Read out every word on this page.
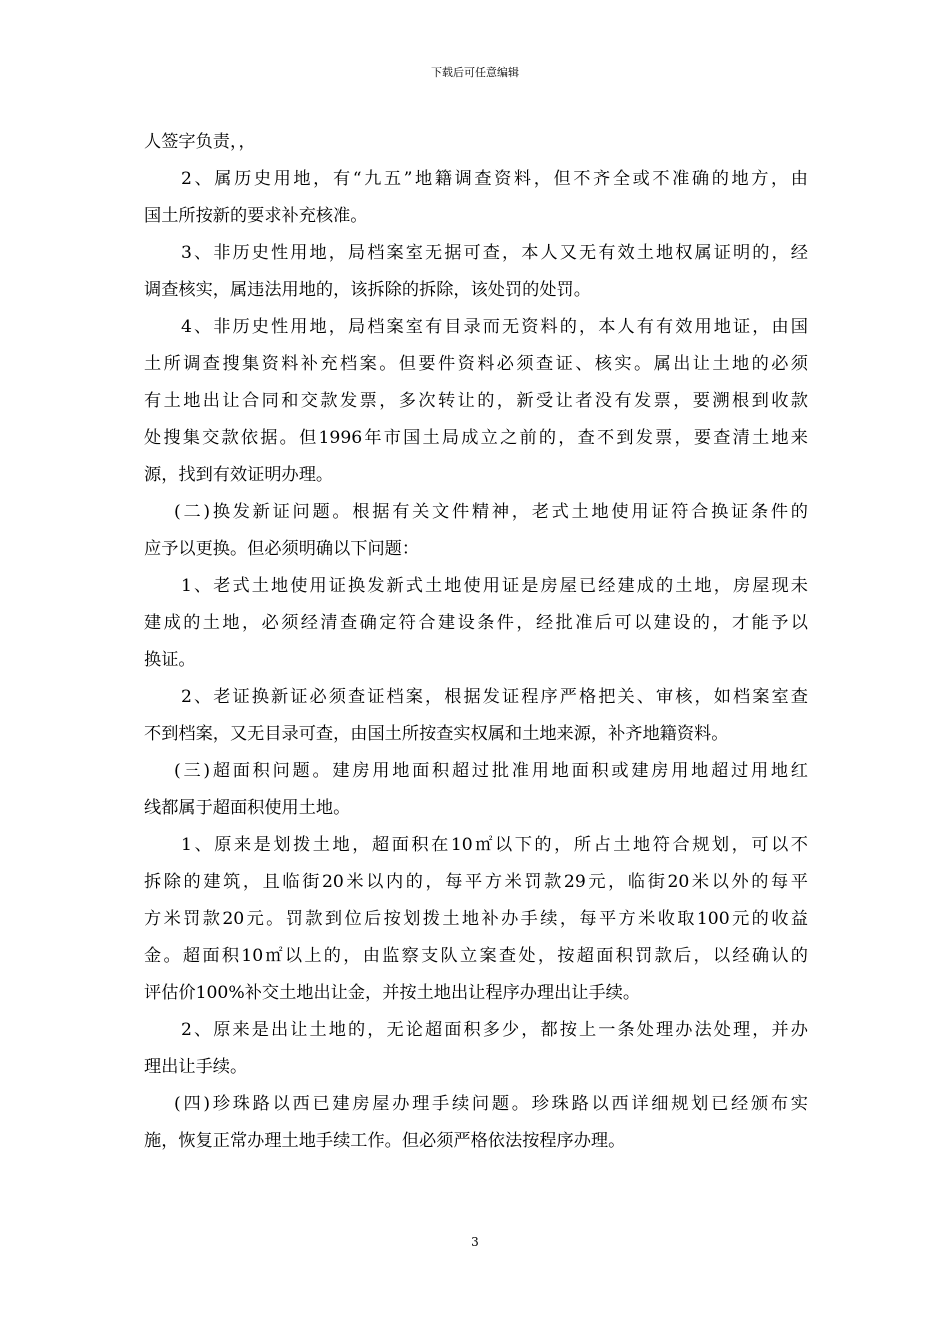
下载后可任意编辑
人签字负责，，
2、属历史用地，有“九五”地籍调查资料，但不齐全或不准确的地方，由
国土所按新的要求补充核准。
3、非历史性用地，局档案室无据可查，本人又无有效土地权属证明的，经
调查核实，属违法用地的，该拆除的拆除，该处罚的处罚。
4、非历史性用地，局档案室有目录而无资料的，本人有有效用地证，由国
土所调查搜集资料补充档案。但要件资料必须查证、核实。属出让土地的必须
有土地出让合同和交款发票，多次转让的，新受让者没有发票，要溯根到收款
处搜集交款依据。但1996年市国土局成立之前的，查不到发票，要查清土地来
源，找到有效证明办理。
(二)换发新证问题。根据有关文件精神，老式土地使用证符合换证条件的
应予以更换。但必须明确以下问题：
1、老式土地使用证换发新式土地使用证是房屋已经建成的土地，房屋现未
建成的土地，必须经清查确定符合建设条件，经批准后可以建设的，才能予以
换证。
2、老证换新证必须查证档案，根据发证程序严格把关、审核，如档案室查
不到档案，又无目录可查，由国土所按查实权属和土地来源，补齐地籍资料。
(三)超面积问题。建房用地面积超过批准用地面积或建房用地超过用地红
线都属于超面积使用土地。
1、原来是划拨土地，超面积在10㎡以下的，所占土地符合规划，可以不
拆除的建筑，且临街20米以内的，每平方米罚款29元，临街20米以外的每平
方米罚款20元。罚款到位后按划拨土地补办手续，每平方米收取100元的收益
金。超面积10㎡以上的，由监察支队立案查处，按超面积罚款后，以经确认的
评估价100%补交土地出让金，并按土地出让程序办理出让手续。
2、原来是出让土地的，无论超面积多少，都按上一条处理办法处理，并办
理出让手续。
(四)珍珠路以西已建房屋办理手续问题。珍珠路以西详细规划已经颁布实
施，恢复正常办理土地手续工作。但必须严格依法按程序办理。
3
